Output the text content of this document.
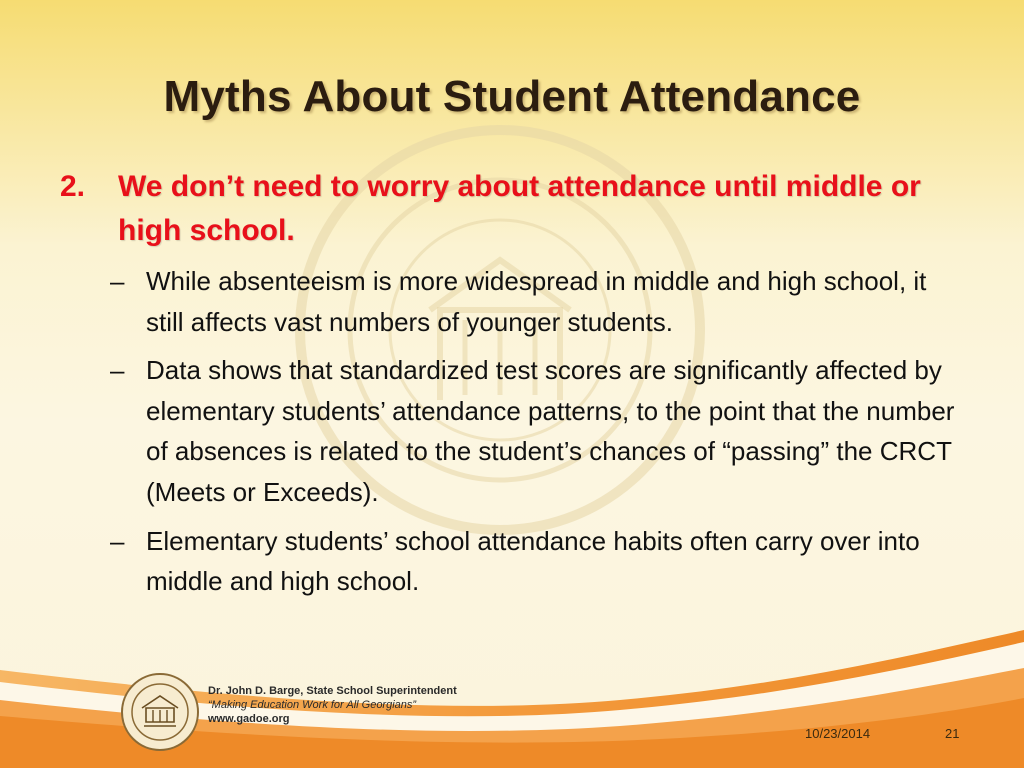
Myths About Student Attendance
2.	We don’t need to worry about attendance until middle or high school.
– While absenteeism is more widespread in middle and high school, it still affects vast numbers of younger students.
– Data shows that standardized test scores are significantly affected by elementary students’ attendance patterns, to the point that the number of absences is related to the student’s chances of “passing” the CRCT (Meets or Exceeds).
– Elementary students’ school attendance habits often carry over into middle and high school.
Dr. John D. Barge, State School Superintendent
“Making Education Work for All Georgians”
www.gadoe.org
10/23/2014	21
